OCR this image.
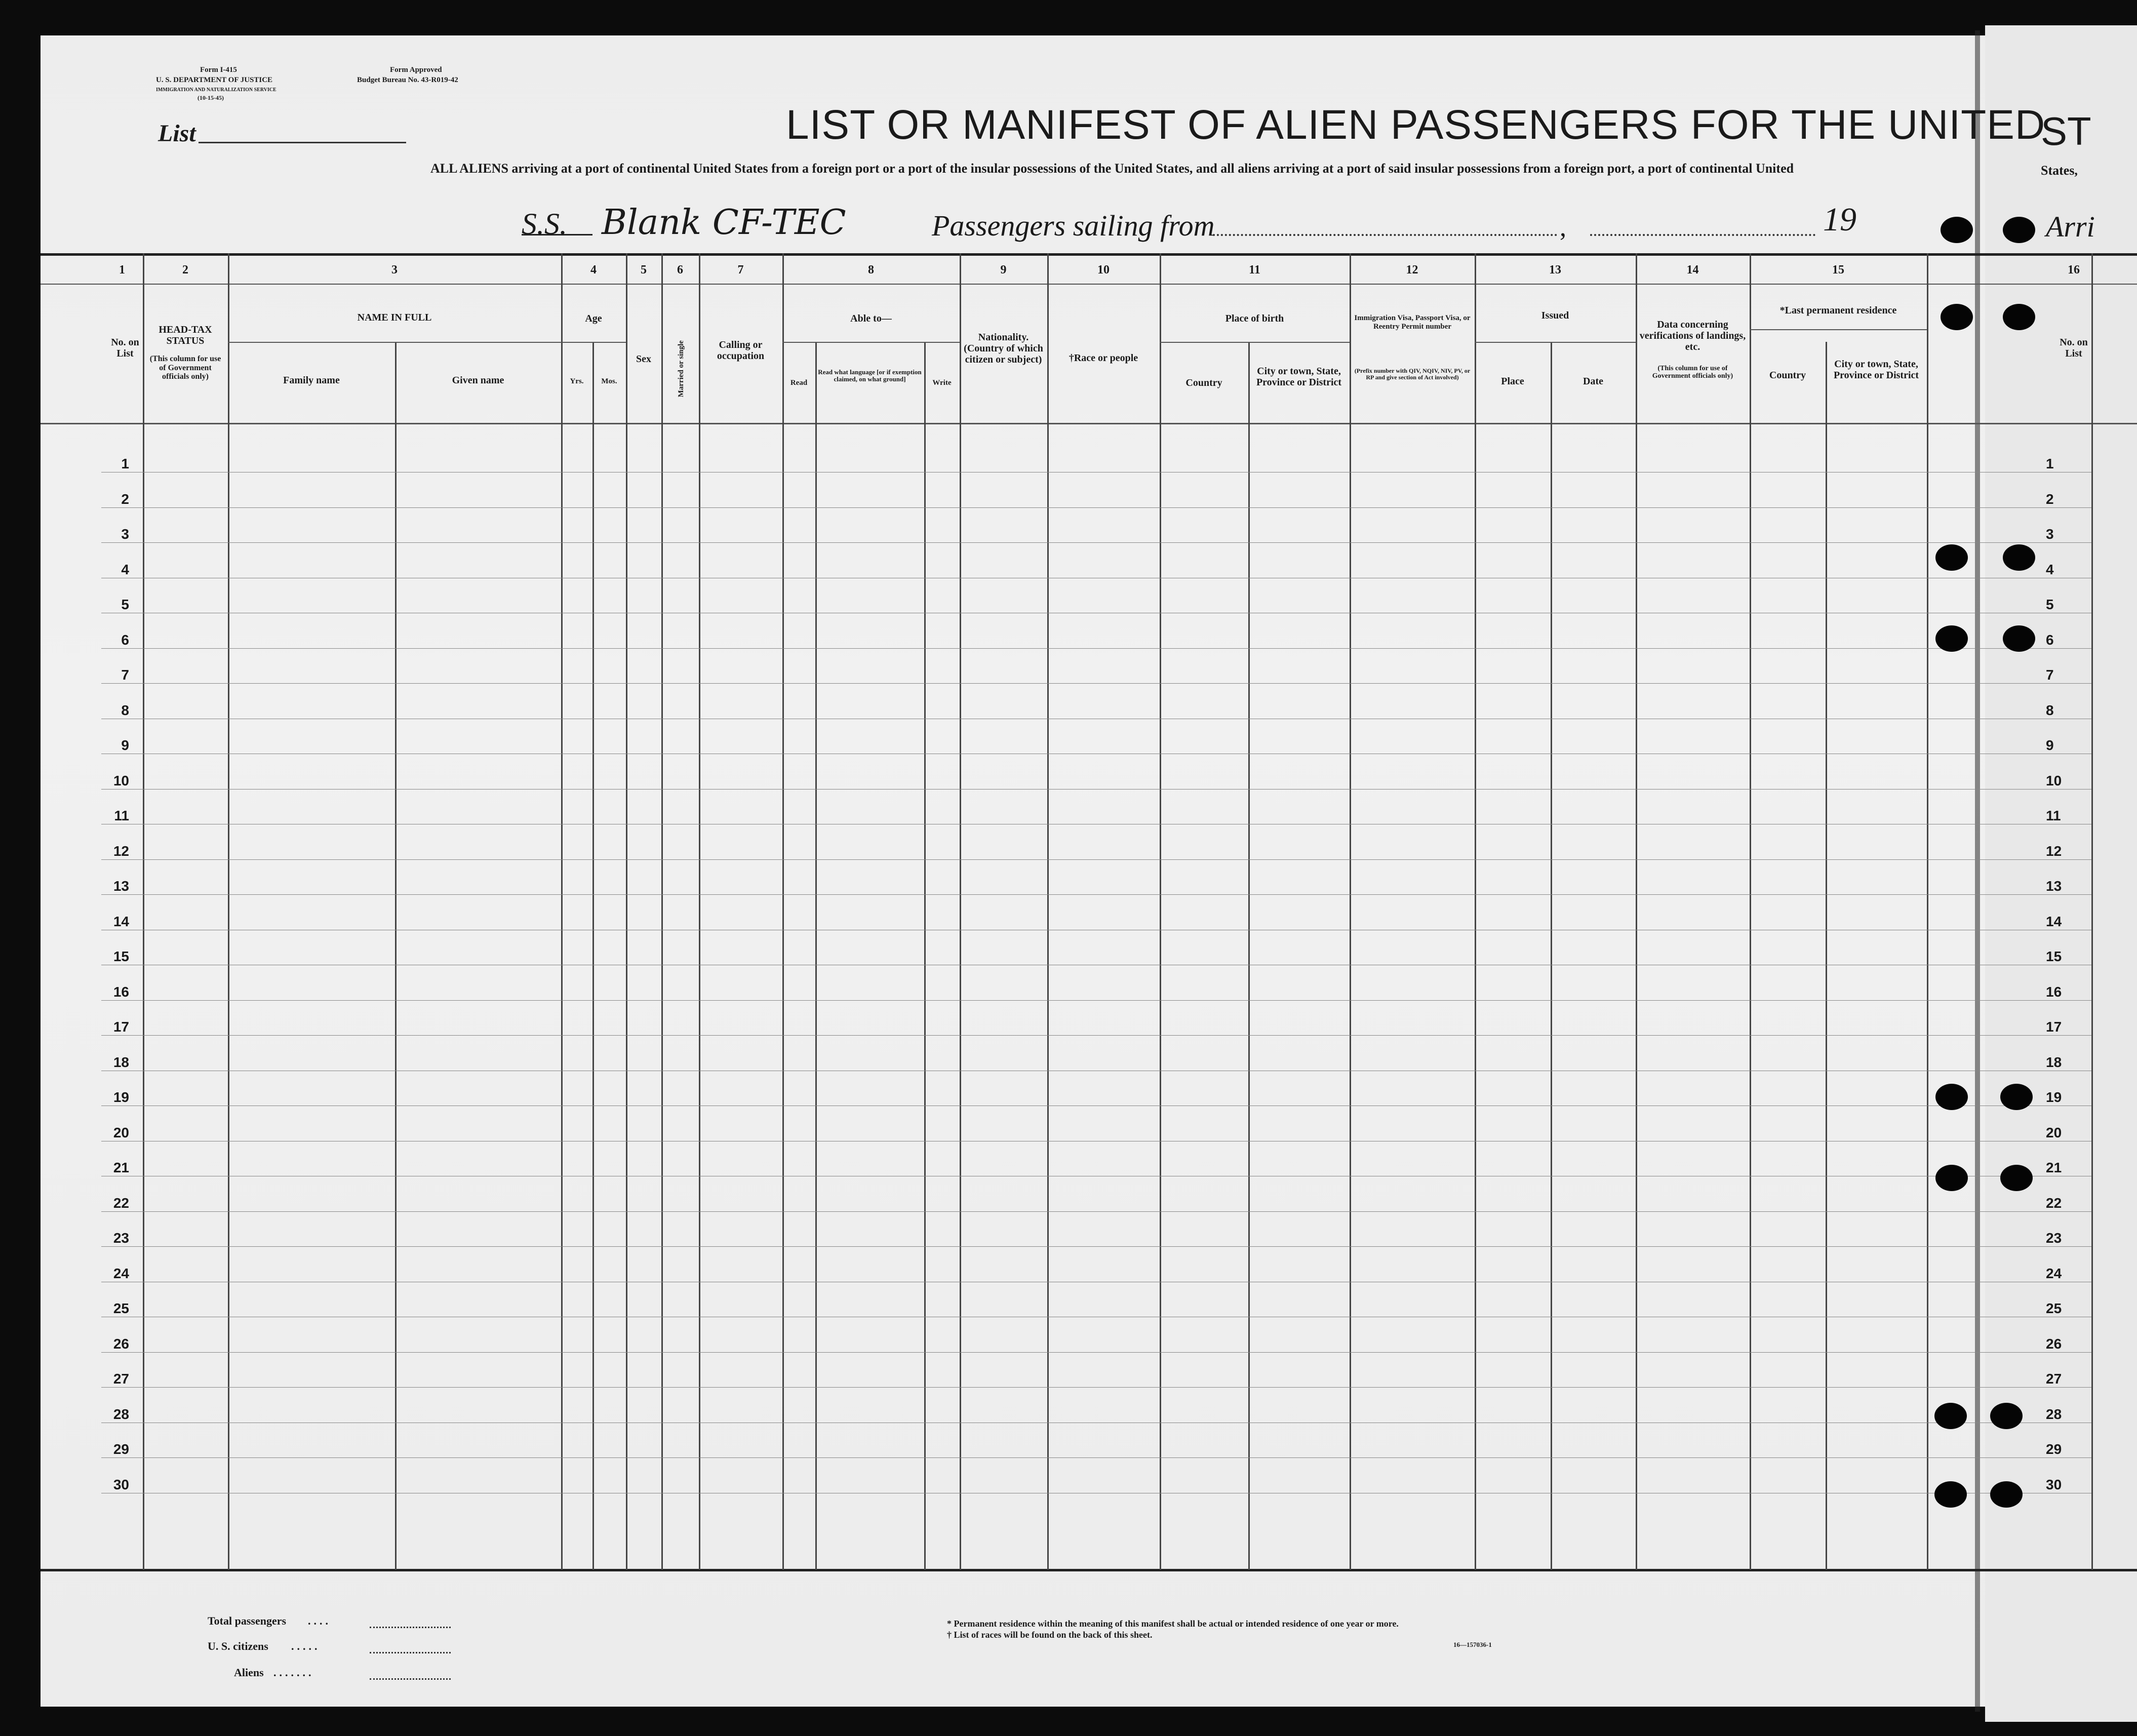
Form I-415
U. S. DEPARTMENT OF JUSTICE
IMMIGRATION AND NATURALIZATION SERVICE
(10-15-45)
Form Approved
Budget Bureau No. 43-R019-42
List	LIST OR MANIFEST OF ALIEN PASSENGERS FOR THE UNITED
ST
ALL ALIENS arriving at a port of continental United States from a foreign port or a port of the insular possessions of the United States, and all aliens arriving at a port of said insular possessions from a foreign port, a port of continental United	States,
S.S. Blank CF-TEC	Passengers sailing from	,	19	Arri
1	2	3	4	5	6	7	8	9	10	11	12	13	14	15	16
No. on List
HEAD-TAX STATUS
(This column for use of Government officials only)
NAME IN FULL
Family name	Given name
Age
Yrs.	Mos.
Sex	Married or single	Calling or occupation
Able to—
Read
Read what language [or if exemption claimed, on what ground]	Write
Nationality. (Country of which citizen or subject)	†Race or people
Place of birth
Country
City or town, State, Province or District
Immigration Visa, Passport Visa, or Reentry Permit number
(Prefix number with QIV, NQIV, NIV, PV, or RP and give section of Act involved)
Issued
Place	Date
Data concerning verifications of landings, etc.
(This column for use of Government officials only)
*Last permanent residence
Country
City or town, State, Province or District
No. on List
1	1
2	2
3	3
4	4
5	5
6	6
7	7
8	8
9	9
10	10
11	11
12	12
13	13
14	14
15	15
16	16
17	17
18	18
19	19
20	20
21	21
22	22
23	23
24	24
25	25
26	26
27	27
28	28
29	29
30	30
Total passengers ....
U. S. citizens .....
Aliens .......
* Permanent residence within the meaning of this manifest shall be actual or intended residence of one year or more.
† List of races will be found on the back of this sheet.
16—157036-1
